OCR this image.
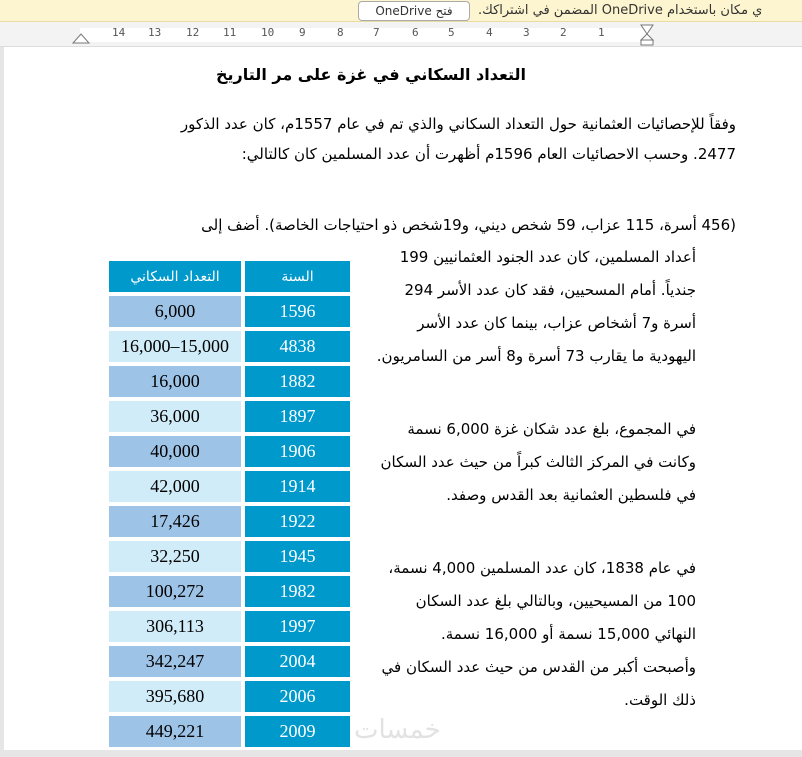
ي مكان باستخدام OneDrive المضمن في اشتراكك.
فتح OneDrive
14 13 12 11 10 9	8	7	6	5	4	3	2	1
التعداد السكاني في غزة على مر التاريخ
وفقاً للإحصائيات العثمانية حول التعداد السكاني والذي تم في عام 1557م، كان عدد الذكور
2477. وحسب الاحصائيات العام 1596م أظهرت أن عدد المسلمين كان كالتالي:
(456 أسرة، 115 عزاب، 59 شخص ديني، و19شخص ذو احتياجات الخاصة). أضف إلى
أعداد المسلمين، كان عدد الجنود العثمانيين 199
جندياً. أمام المسحيين، فقد كان عدد الأسر 294
أسرة و7 أشخاص عزاب، بينما كان عدد الأسر
اليهودية ما يقارب 73 أسرة و8 أسر من السامريون.
في المجموع، بلغ عدد شكان غزة 6,000 نسمة
وكانت في المركز الثالث كبراً من حيث عدد السكان
في فلسطين العثمانية بعد القدس وصفد.
في عام 1838، كان عدد المسلمين 4,000 نسمة،
100 من المسيحيين، وبالتالي بلغ عدد السكان
النهائي 15,000 نسمة أو 16,000 نسمة.
وأصبحت أكبر من القدس من حيث عدد السكان في
ذلك الوقت.
التعداد السكاني	السنة
6,000	1596
16,000–15,000	4838
16,000	1882
36,000	1897
40,000	1906
42,000	1914
17,426	1922
32,250	1945
100,272	1982
306,113	1997
342,247	2004
395,680	2006
449,221	2009 خمسات
